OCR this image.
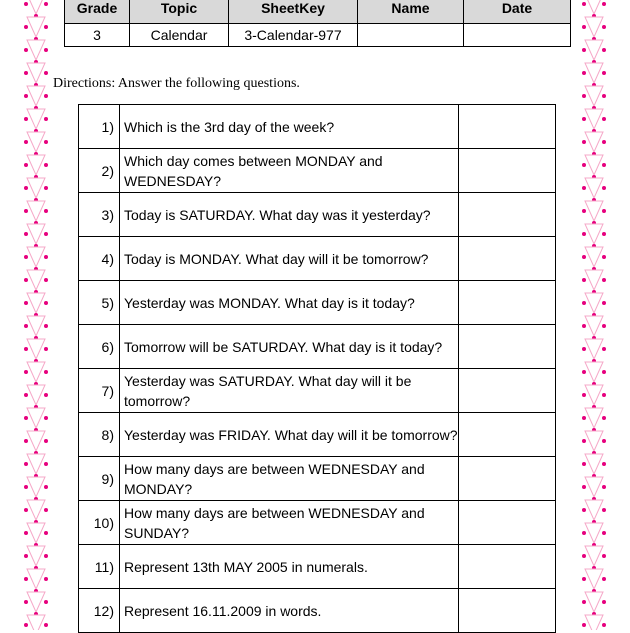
Grade	Topic	SheetKey	Name	Date
3	Calendar	3-Calendar-977		
Directions: Answer the following questions.
1)	Which is the 3rd day of the week?	
2)	Which day comes between MONDAY and WEDNESDAY?	
3)	Today is SATURDAY. What day was it yesterday?	
4)	Today is MONDAY. What day will it be tomorrow?	
5)	Yesterday was MONDAY. What day is it today?	
6)	Tomorrow will be SATURDAY. What day is it today?	
7)	Yesterday was SATURDAY. What day will it be tomorrow?	
8)	Yesterday was FRIDAY. What day will it be tomorrow?	
9)	How many days are between WEDNESDAY and MONDAY?	
10)	How many days are between WEDNESDAY and SUNDAY?	
11)	Represent 13th MAY 2005 in numerals.	
12)	Represent 16.11.2009 in words.	
